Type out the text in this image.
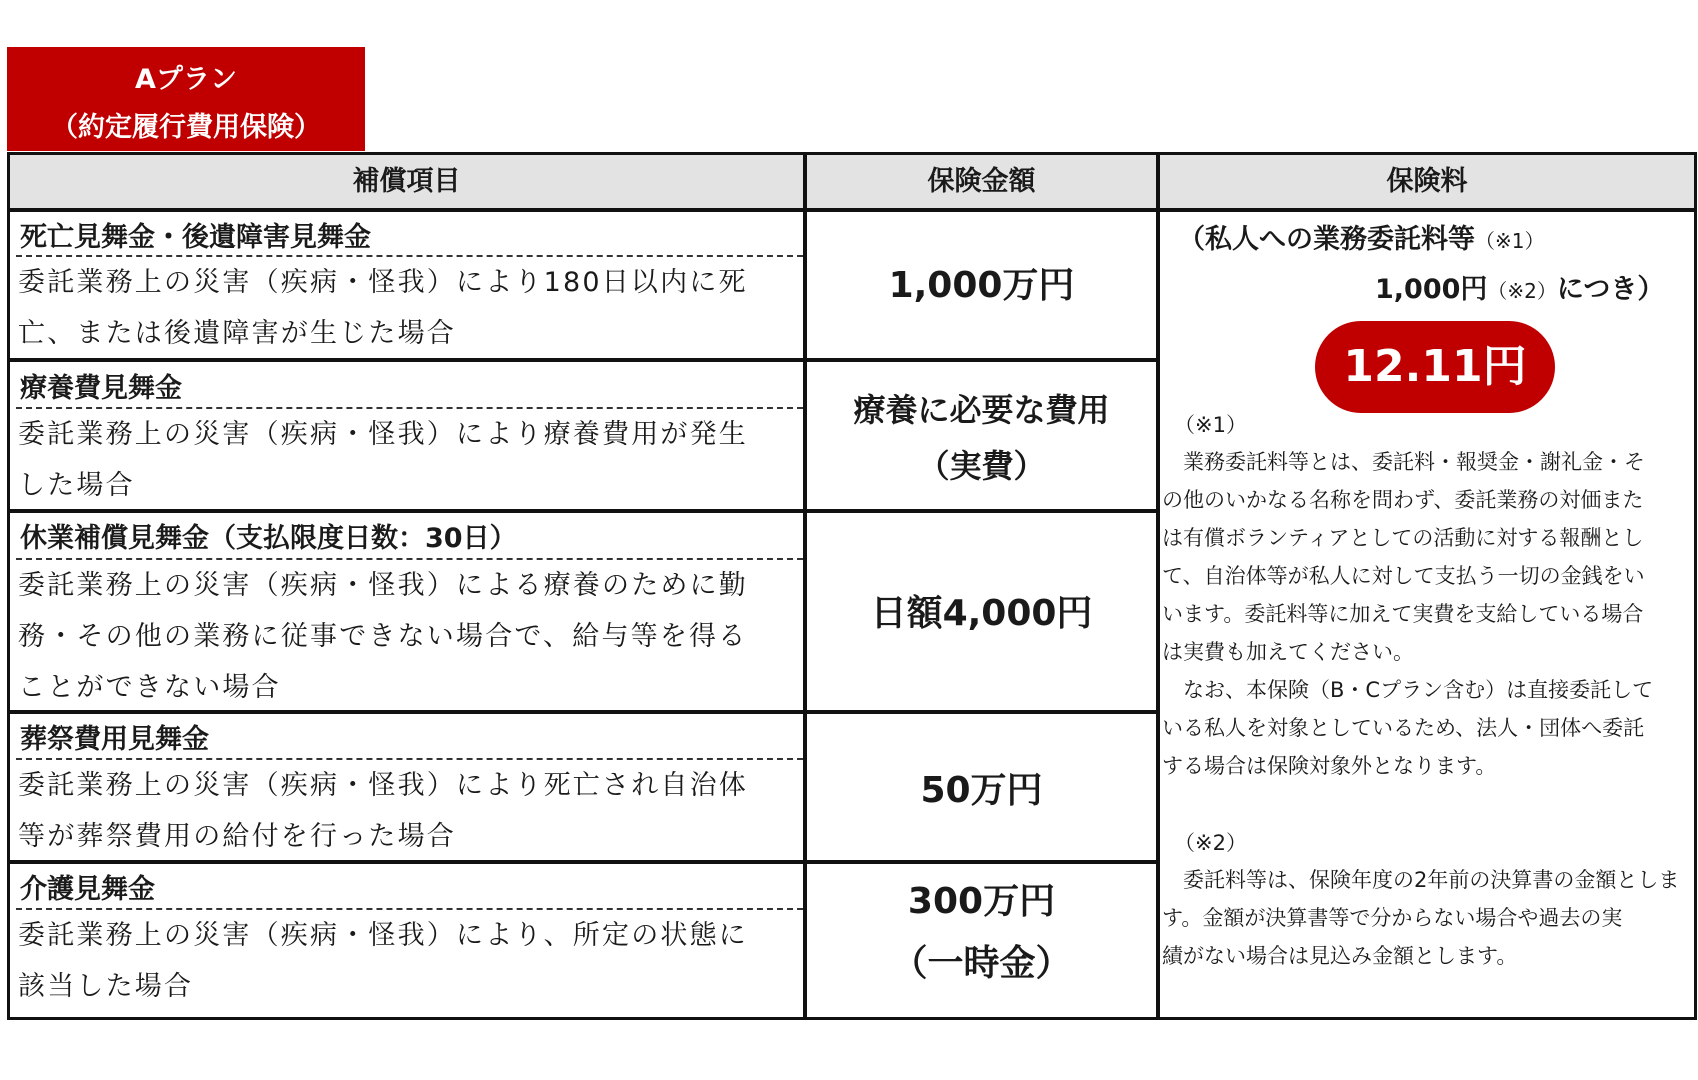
Aプラン
（約定履行費用保険）
補償項目	保険金額	保険料
死亡見舞金・後遺障害見舞金
委託業務上の災害（疾病・怪我）により180日以内に死
亡、または後遺障害が生じた場合
1,000万円
療養費見舞金
委託業務上の災害（疾病・怪我）により療養費用が発生
した場合
療養に必要な費用
（実費）
休業補償見舞金（支払限度日数：30日）
委託業務上の災害（疾病・怪我）による療養のために勤
務・その他の業務に従事できない場合で、給与等を得る
ことができない場合
日額4,000円
葬祭費用見舞金
委託業務上の災害（疾病・怪我）により死亡され自治体
等が葬祭費用の給付を行った場合
50万円
介護見舞金
委託業務上の災害（疾病・怪我）により、所定の状態に
該当した場合
300万円
（一時金）
（私人への業務委託料等（※1）
1,000円（※2）につき）
12.11円
（※1）
　業務委託料等とは、委託料・報奨金・謝礼金・そ
の他のいかなる名称を問わず、委託業務の対価また
は有償ボランティアとしての活動に対する報酬とし
て、自治体等が私人に対して支払う一切の金銭をい
います。委託料等に加えて実費を支給している場合
は実費も加えてください。
　なお、本保険（B・Cプラン含む）は直接委託して
いる私人を対象としているため、法人・団体へ委託
する場合は保険対象外となります。
（※2）
　委託料等は、保険年度の2年前の決算書の金額としま
す。金額が決算書等で分からない場合や過去の実
績がない場合は見込み金額とします。
